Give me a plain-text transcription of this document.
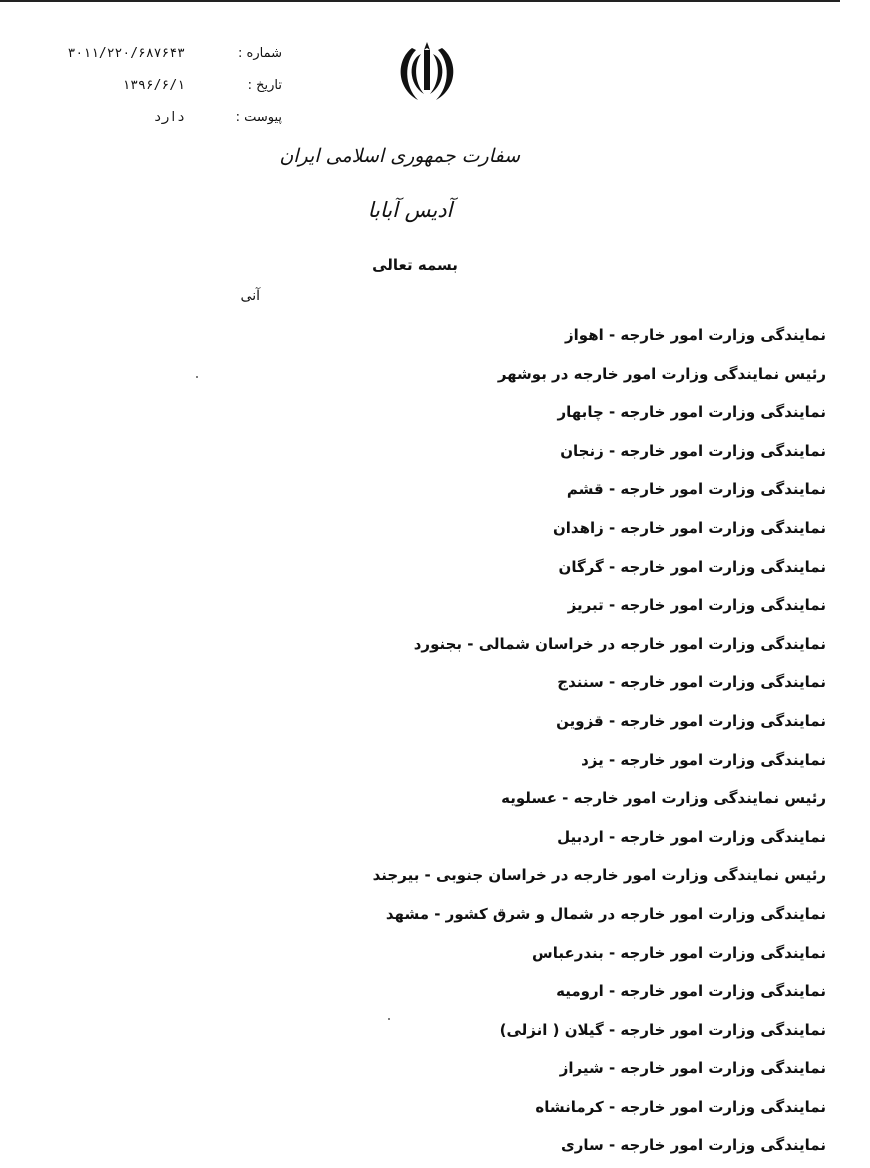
شماره :
۳۰۱۱/۲۲۰/۶۸۷۶۴۳
تاریخ :
۱۳۹۶/۶/۱
پیوست :
دارد
سفارت جمهوری اسلامی ایران
آدیس آبابا
بسمه تعالی
آنی
نمایندگی وزارت امور خارجه - اهواز
رئیس نمایندگی وزارت امور خارجه در بوشهر
نمایندگی وزارت امور خارجه - چابهار
نمایندگی وزارت امور خارجه - زنجان
نمایندگی وزارت امور خارجه - قشم
نمایندگی وزارت امور خارجه - زاهدان
نمایندگی وزارت امور خارجه - گرگان
نمایندگی وزارت امور خارجه - تبریز
نمایندگی وزارت امور خارجه در خراسان شمالی - بجنورد
نمایندگی وزارت امور خارجه - سنندج
نمایندگی وزارت امور خارجه - قزوین
نمایندگی وزارت امور خارجه - یزد
رئیس نمایندگی وزارت امور خارجه - عسلویه
نمایندگی وزارت امور خارجه - اردبیل
رئیس نمایندگی وزارت امور خارجه در خراسان جنوبی - بیرجند
نمایندگی وزارت امور خارجه در شمال و شرق کشور - مشهد
نمایندگی وزارت امور خارجه - بندرعباس
نمایندگی وزارت امور خارجه - ارومیه
نمایندگی وزارت امور خارجه - گیلان ( انزلی)
نمایندگی وزارت امور خارجه - شیراز
نمایندگی وزارت امور خارجه - کرمانشاه
نمایندگی وزارت امور خارجه - ساری
